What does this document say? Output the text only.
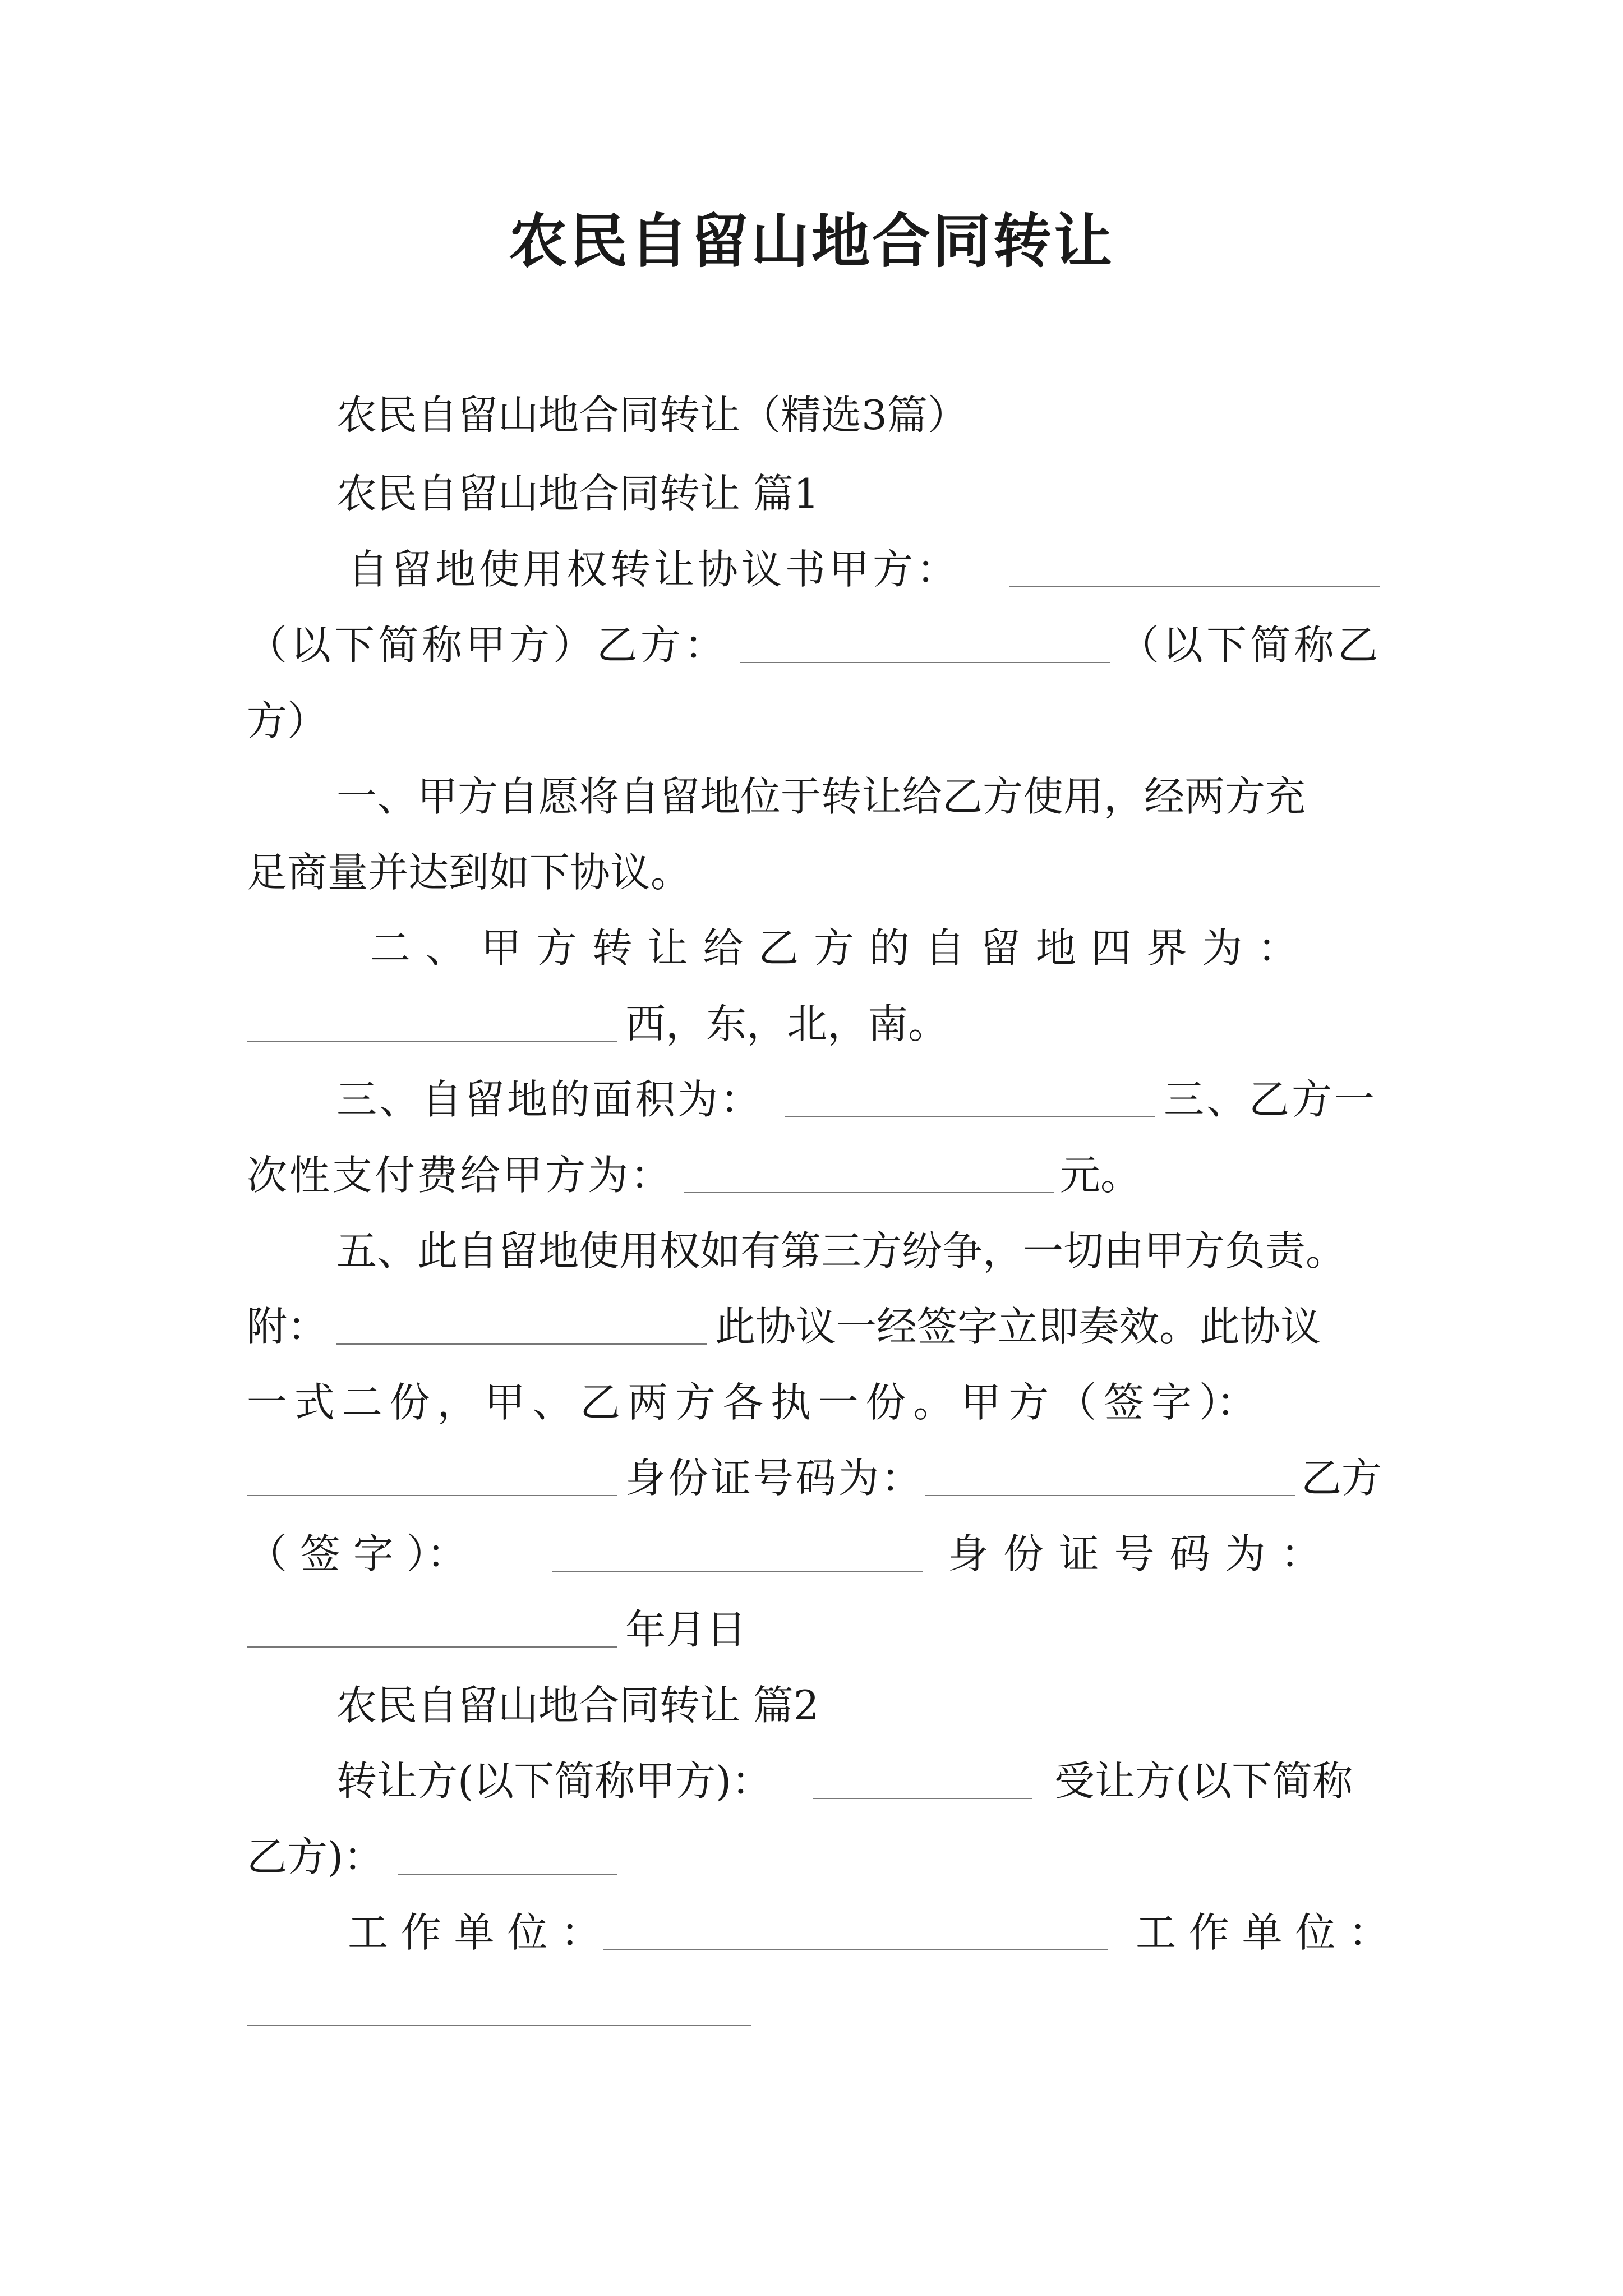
农民自留山地合同转让
农民自留山地合同转让（精选3篇）
农民自留山地合同转让 篇1
自留地使用权转让协议书甲方：
（以下简称甲方）乙方：	（以下简称乙
方）
一、甲方自愿将自留地位于转让给乙方使用，经两方充
足商量并达到如下协议。
二 、 甲 方 转 让 给 乙 方 的 自 留 地 四 界 为 ：
西，东，北，南。
三、自留地的面积为：	三、乙方一
次性支付费给甲方为：	元。
五、此自留地使用权如有第三方纷争，一切由甲方负责。
附：	此协议一经签字立即奏效。此协议
一 式 二 份 ， 甲 、 乙 两 方 各 执 一 份 。 甲 方 （ 签 字 ）：
身份证号码为：	乙方
（ 签 字 ）：	身 份 证 号 码 为 ：
年月日
农民自留山地合同转让 篇2
转让方(以下简称甲方)：	受让方(以下简称
乙方)：
工 作 单 位 ：	工 作 单 位 ：
